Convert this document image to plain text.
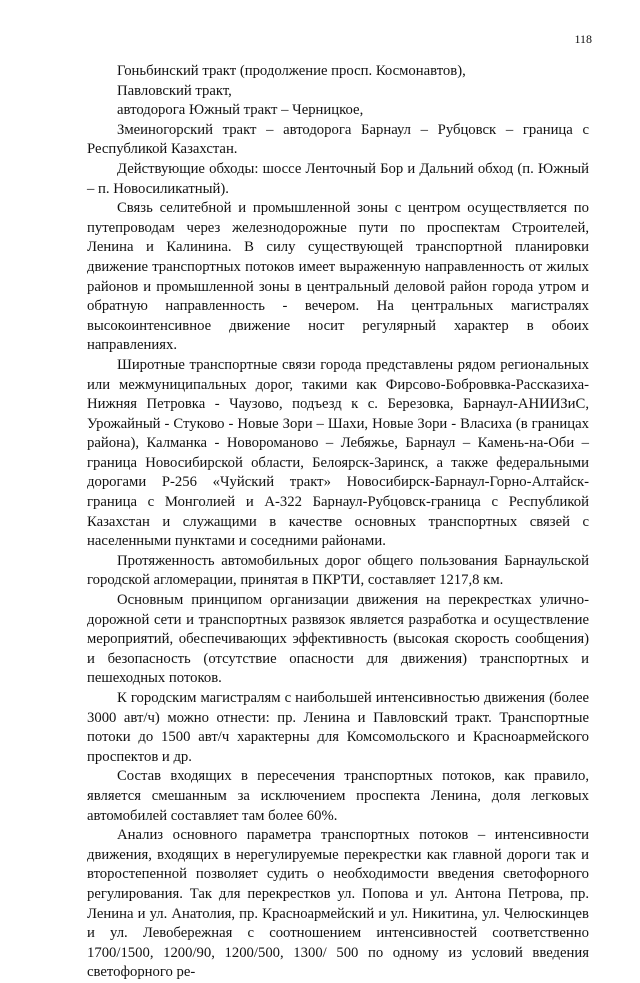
118

Гоньбинский тракт (продолжение просп. Космонавтов),

Павловский тракт,

автодорога Южный тракт – Черницкое,

Змеиногорский тракт – автодорога Барнаул – Рубцовск – граница с Республикой Казахстан.

Действующие обходы: шоссе Ленточный Бор и Дальний обход (п. Южный – п. Новосиликатный).

Связь селитебной и промышленной зоны с центром осуществляется по путепроводам через железнодорожные пути по проспектам Строителей, Ленина и Калинина. В силу существующей транспортной планировки движение транспортных потоков имеет выраженную направленность от жилых районов и промышленной зоны в центральный деловой район города утром и обратную направленность - вечером. На центральных магистралях высокоинтенсивное движение носит регулярный характер в обоих направлениях.

Широтные транспортные связи города представлены рядом региональных или межмуниципальных дорог, такими как Фирсово-Боброввка-Рассказиха-Нижняя Петровка - Чаузово, подъезд к с. Березовка, Барнаул-АНИИЗиС, Урожайный - Стуково - Новые Зори – Шахи, Новые Зори - Власиха (в границах района), Калманка - Новороманово – Лебяжье, Барнаул – Камень-на-Оби – граница Новосибирской области, Белоярск-Заринск, а также федеральными дорогами Р-256 «Чуйский тракт» Новосибирск-Барнаул-Горно-Алтайск-граница с Монголией и А-322 Барнаул-Рубцовск-граница с Республикой Казахстан и служащими в качестве основных транспортных связей с населенными пунктами и соседними районами.

Протяженность автомобильных дорог общего пользования Барнаульской городской агломерации, принятая в ПКРТИ, составляет 1217,8 км.

Основным принципом организации движения на перекрестках улично-дорожной сети и транспортных развязок является разработка и осуществление мероприятий, обеспечивающих эффективность (высокая скорость сообщения) и безопасность (отсутствие опасности для движения) транспортных и пешеходных потоков.

К городским магистралям с наибольшей интенсивностью движения (более 3000 авт/ч) можно отнести: пр. Ленина и Павловский тракт. Транспортные потоки до 1500 авт/ч характерны для Комсомольского и Красноармейского проспектов и др.

Состав входящих в пересечения транспортных потоков, как правило, является смешанным за исключением проспекта Ленина, доля легковых автомобилей составляет там более 60%.

Анализ основного параметра транспортных потоков – интенсивности движения, входящих в нерегулируемые перекрестки как главной дороги так и второстепенной позволяет судить о необходимости введения светофорного регулирования. Так для перекрестков ул. Попова и ул. Антона Петрова, пр. Ленина и ул. Анатолия, пр. Красноармейский и ул. Никитина, ул. Челюскинцев и ул. Левобережная с соотношением интенсивностей соответственно 1700/1500, 1200/90, 1200/500, 1300/ 500 по одному из условий введения светофорного ре-
